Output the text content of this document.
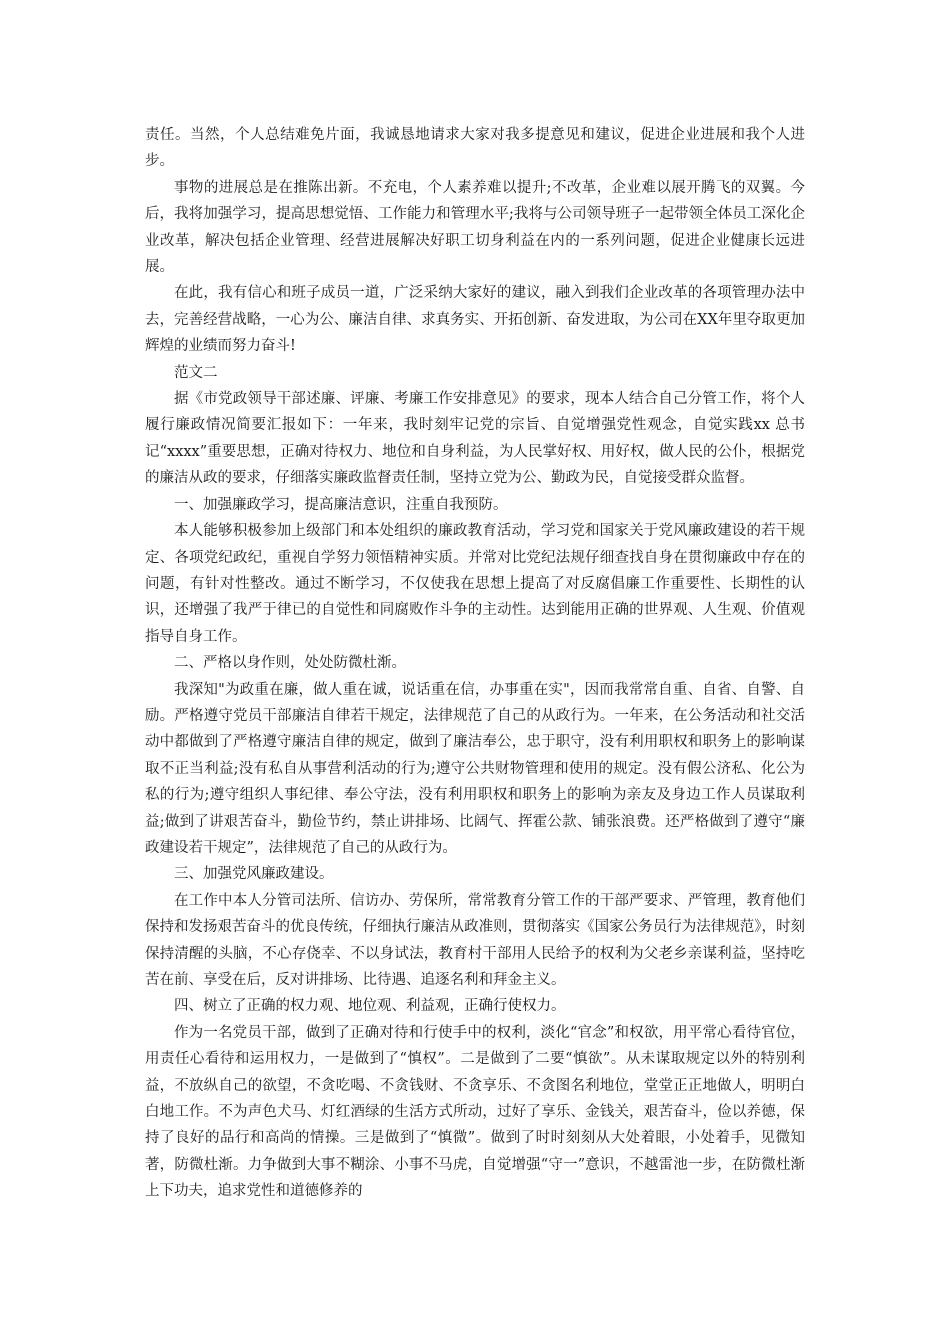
责任。当然，个人总结难免片面，我诚恳地请求大家对我多提意见和建议，促进企业进展和我个人进步。

事物的进展总是在推陈出新。不充电，个人素养难以提升;不改革，企业难以展开腾飞的双翼。今后，我将加强学习，提高思想觉悟、工作能力和管理水平;我将与公司领导班子一起带领全体员工深化企业改革，解决包括企业管理、经营进展解决好职工切身利益在内的一系列问题，促进企业健康长远进展。

在此，我有信心和班子成员一道，广泛采纳大家好的建议，融入到我们企业改革的各项管理办法中去，完善经营战略，一心为公、廉洁自律、求真务实、开拓创新、奋发进取，为公司在XX年里夺取更加辉煌的业绩而努力奋斗!

范文二

据《市党政领导干部述廉、评廉、考廉工作安排意见》的要求，现本人结合自己分管工作，将个人履行廉政情况简要汇报如下：一年来，我时刻牢记党的宗旨、自觉增强党性观念，自觉实践xx 总书记“xxxx”重要思想，正确对待权力、地位和自身利益，为人民掌好权、用好权，做人民的公仆，根据党的廉洁从政的要求，仔细落实廉政监督责任制，坚持立党为公、勤政为民，自觉接受群众监督。

一、加强廉政学习，提高廉洁意识，注重自我预防。

本人能够积极参加上级部门和本处组织的廉政教育活动，学习党和国家关于党风廉政建设的若干规定、各项党纪政纪，重视自学努力领悟精神实质。并常对比党纪法规仔细查找自身在贯彻廉政中存在的问题，有针对性整改。通过不断学习，不仅使我在思想上提高了对反腐倡廉工作重要性、长期性的认识，还增强了我严于律已的自觉性和同腐败作斗争的主动性。达到能用正确的世界观、人生观、价值观指导自身工作。

二、严格以身作则，处处防微杜渐。

我深知"为政重在廉，做人重在诚，说话重在信，办事重在实"，因而我常常自重、自省、自警、自励。严格遵守党员干部廉洁自律若干规定，法律规范了自己的从政行为。一年来，在公务活动和社交活动中都做到了严格遵守廉洁自律的规定，做到了廉洁奉公，忠于职守，没有利用职权和职务上的影响谋取不正当利益;没有私自从事营利活动的行为;遵守公共财物管理和使用的规定。没有假公济私、化公为私的行为;遵守组织人事纪律、奉公守法，没有利用职权和职务上的影响为亲友及身边工作人员谋取利益;做到了讲艰苦奋斗，勤俭节约，禁止讲排场、比阔气、挥霍公款、铺张浪费。还严格做到了遵守“廉政建设若干规定”，法律规范了自己的从政行为。

三、加强党风廉政建设。

在工作中本人分管司法所、信访办、劳保所，常常教育分管工作的干部严要求、严管理，教育他们保持和发扬艰苦奋斗的优良传统，仔细执行廉洁从政准则，贯彻落实《国家公务员行为法律规范》，时刻保持清醒的头脑，不心存侥幸、不以身试法，教育村干部用人民给予的权利为父老乡亲谋利益，坚持吃苦在前、享受在后，反对讲排场、比待遇、追逐名利和拜金主义。

四、树立了正确的权力观、地位观、利益观，正确行使权力。

作为一名党员干部，做到了正确对待和行使手中的权利，淡化“官念”和权欲，用平常心看待官位，用责任心看待和运用权力，一是做到了“慎权”。二是做到了二要“慎欲”。从未谋取规定以外的特别利益，不放纵自己的欲望，不贪吃喝、不贪钱财、不贪享乐、不贪图名利地位，堂堂正正地做人，明明白白地工作。不为声色犬马、灯红酒绿的生活方式所动，过好了享乐、金钱关，艰苦奋斗，俭以养德，保持了良好的品行和高尚的情操。三是做到了“慎微”。做到了时时刻刻从大处着眼，小处着手，见微知著，防微杜渐。力争做到大事不糊涂、小事不马虎，自觉增强“守一”意识，不越雷池一步，在防微杜渐上下功夫，追求党性和道德修养的
